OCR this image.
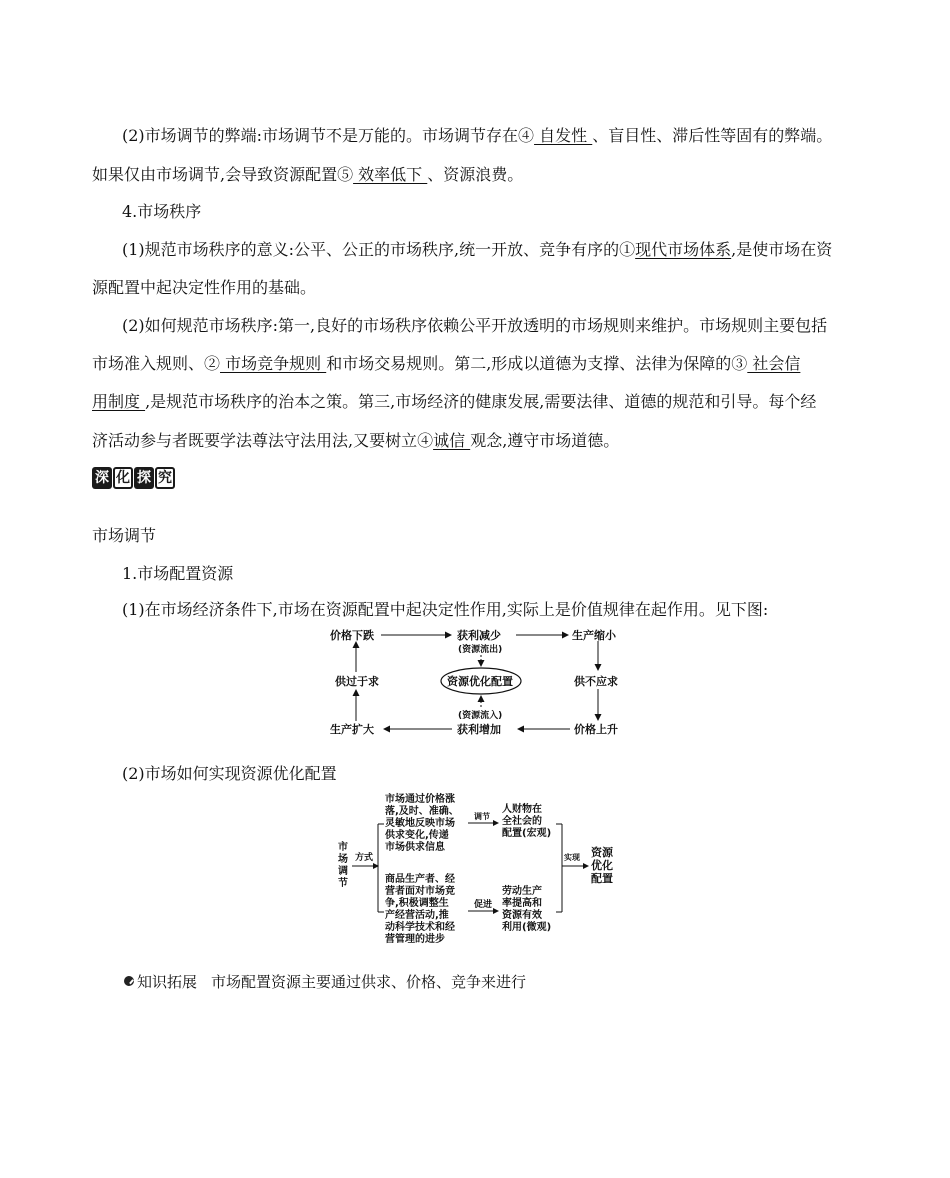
(2)市场调节的弊端:市场调节不是万能的。市场调节存在④ 自发性 、盲目性、滞后性等固有的弊端。
如果仅由市场调节,会导致资源配置⑤ 效率低下 、资源浪费。
4.市场秩序
(1)规范市场秩序的意义:公平、公正的市场秩序,统一开放、竞争有序的①现代市场体系,是使市场在资
源配置中起决定性作用的基础。
(2)如何规范市场秩序:第一,良好的市场秩序依赖公平开放透明的市场规则来维护。市场规则主要包括
市场准入规则、② 市场竞争规则 和市场交易规则。第二,形成以道德为支撑、法律为保障的③ 社会信
用制度 ,是规范市场秩序的治本之策。第三,市场经济的健康发展,需要法律、道德的规范和引导。每个经
济活动参与者既要学法尊法守法用法,又要树立④诚信 观念,遵守市场道德。
深 化 探 究
市场调节
1.市场配置资源
(1)在市场经济条件下,市场在资源配置中起决定性作用,实际上是价值规律在起作用。见下图:
价格下跌	获利减少
(资源流出)
生产缩小
供过于求	资源优化配置	供不应求
(资源流入)
生产扩大	获利增加	价格上升
(2)市场如何实现资源优化配置
市
场
调
节
方式
市场通过价格涨
落,及时、准确、
灵敏地反映市场
供求变化,传递
市场供求信息
调节
人财物在
全社会的
配置(宏观)
商品生产者、经
营者面对市场竞
争,积极调整生
产经营活动,推
动科学技术和经
营管理的进步
促进
劳动生产
率提高和
资源有效
利用(微观)
实现 资源
优化
配置
知识拓展 市场配置资源主要通过供求、价格、竞争来进行
